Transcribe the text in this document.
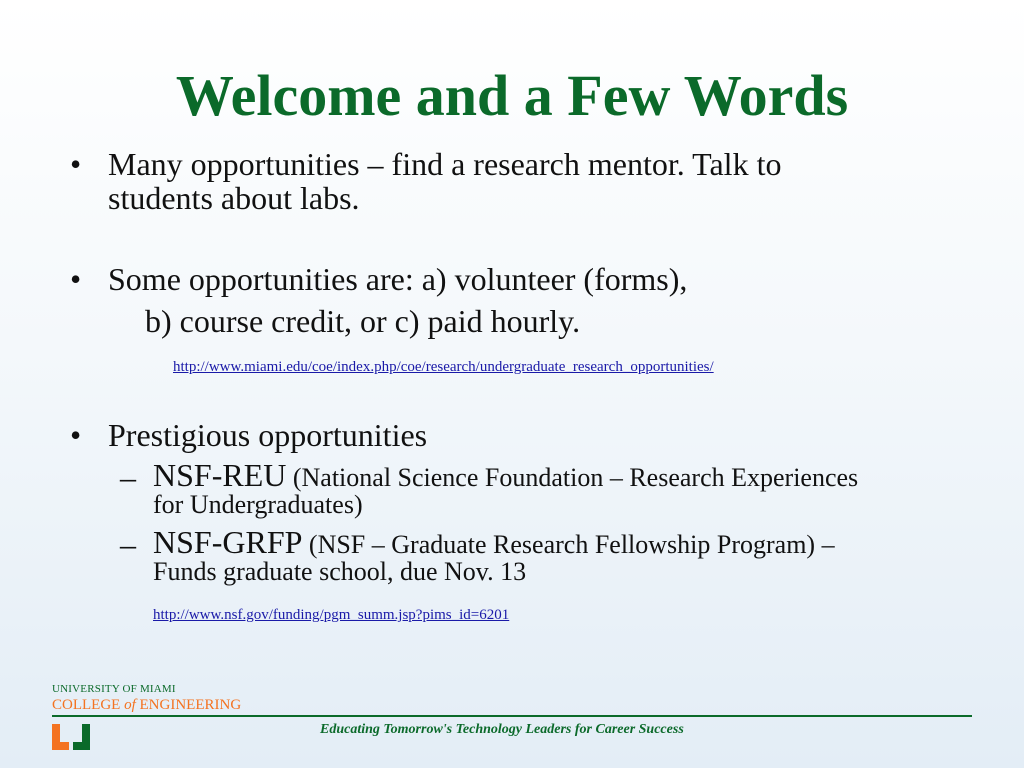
Welcome and a Few Words
• Many opportunities – find a research mentor. Talk to
students about labs.
• Some opportunities are: a) volunteer (forms),
b) course credit, or c) paid hourly.
http://www.miami.edu/coe/index.php/coe/research/undergraduate_research_opportunities/
• Prestigious opportunities
– NSF-REU (National Science Foundation – Research Experiences
for Undergraduates)
– NSF-GRFP (NSF – Graduate Research Fellowship Program) –
Funds graduate school, due Nov. 13
http://www.nsf.gov/funding/pgm_summ.jsp?pims_id=6201
UNIVERSITY OF MIAMI
COLLEGE of ENGINEERING
Educating Tomorrow's Technology Leaders for Career Success
